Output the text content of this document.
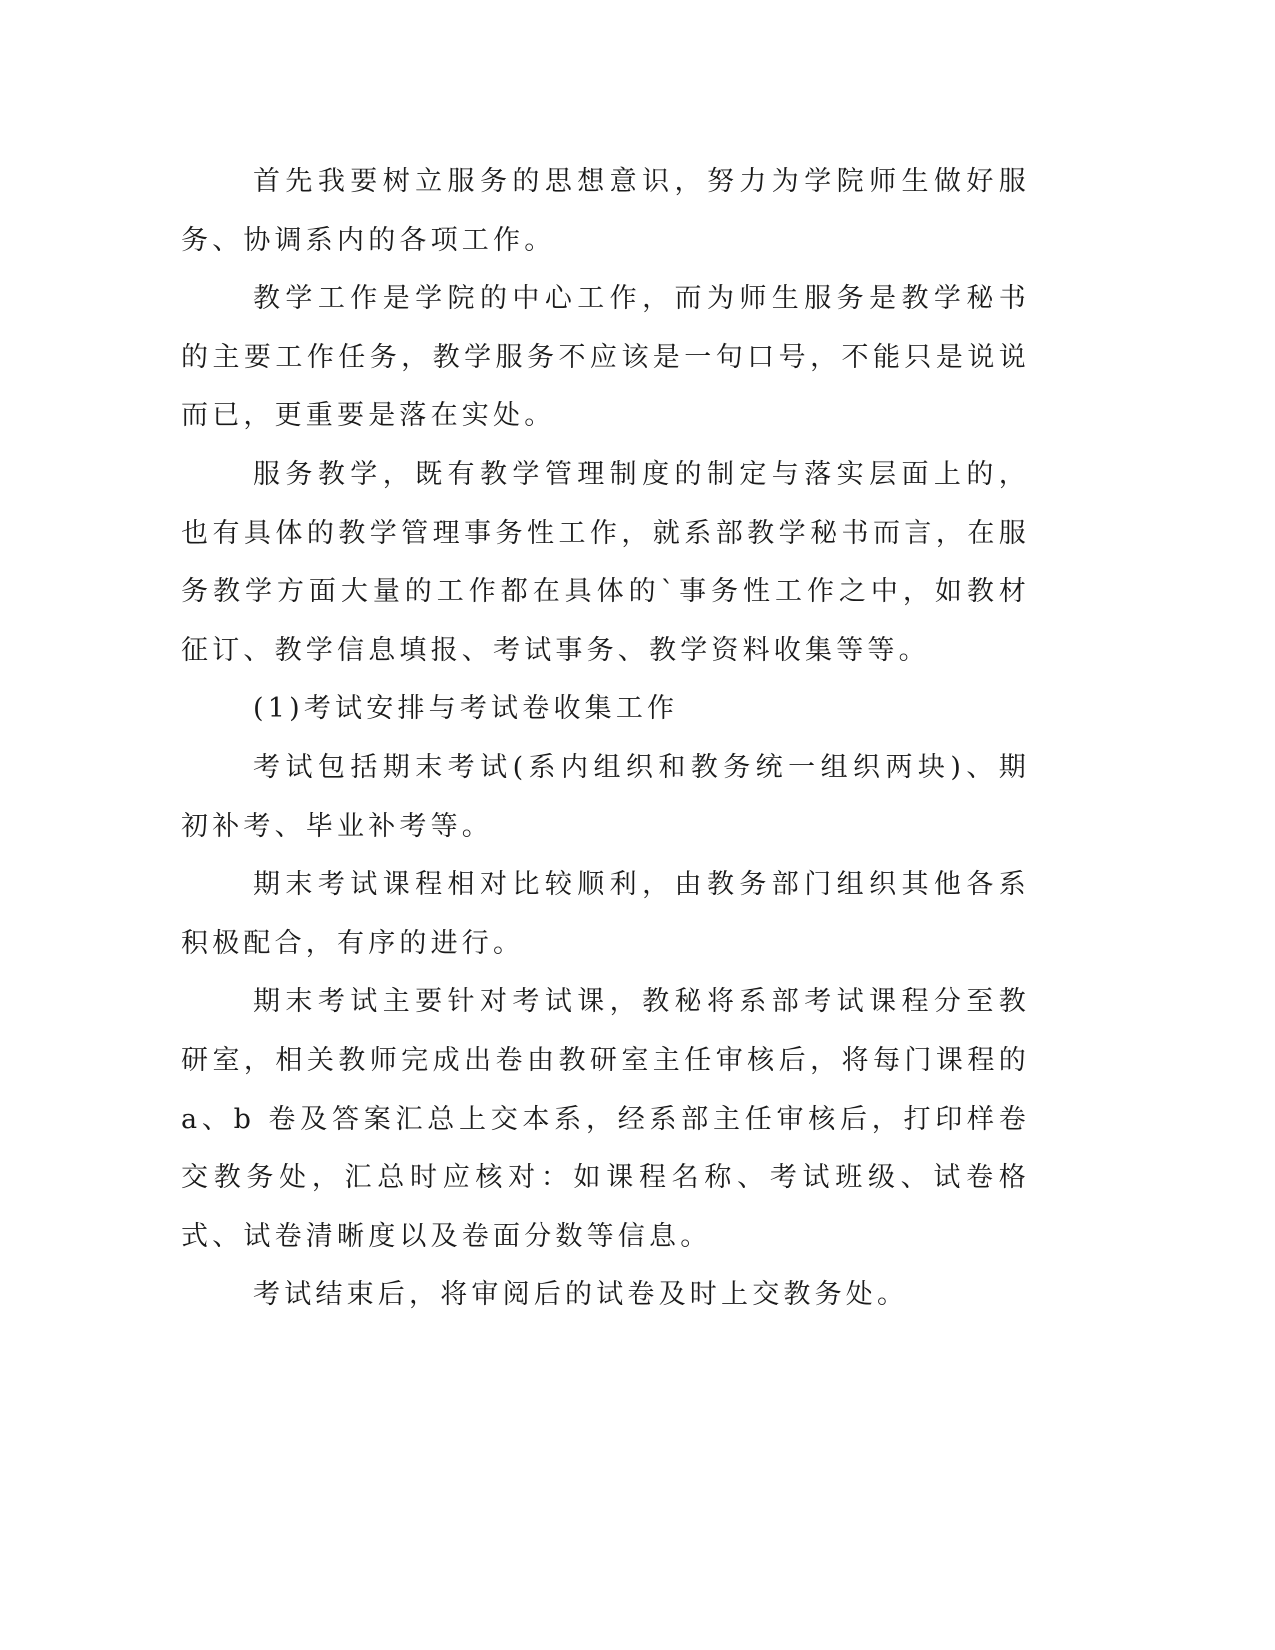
首先我要树立服务的思想意识，努力为学院师生做好服务、协调系内的各项工作。

教学工作是学院的中心工作，而为师生服务是教学秘书的主要工作任务，教学服务不应该是一句口号，不能只是说说而已，更重要是落在实处。

服务教学，既有教学管理制度的制定与落实层面上的，也有具体的教学管理事务性工作，就系部教学秘书而言，在服务教学方面大量的工作都在具体的`事务性工作之中，如教材征订、教学信息填报、考试事务、教学资料收集等等。

(1)考试安排与考试卷收集工作

考试包括期末考试(系内组织和教务统一组织两块)、期初补考、毕业补考等。

期末考试课程相对比较顺利，由教务部门组织其他各系积极配合，有序的进行。

期末考试主要针对考试课，教秘将系部考试课程分至教研室，相关教师完成出卷由教研室主任审核后，将每门课程的 a、b 卷及答案汇总上交本系，经系部主任审核后，打印样卷交教务处，汇总时应核对：如课程名称、考试班级、试卷格式、试卷清晰度以及卷面分数等信息。

考试结束后，将审阅后的试卷及时上交教务处。
